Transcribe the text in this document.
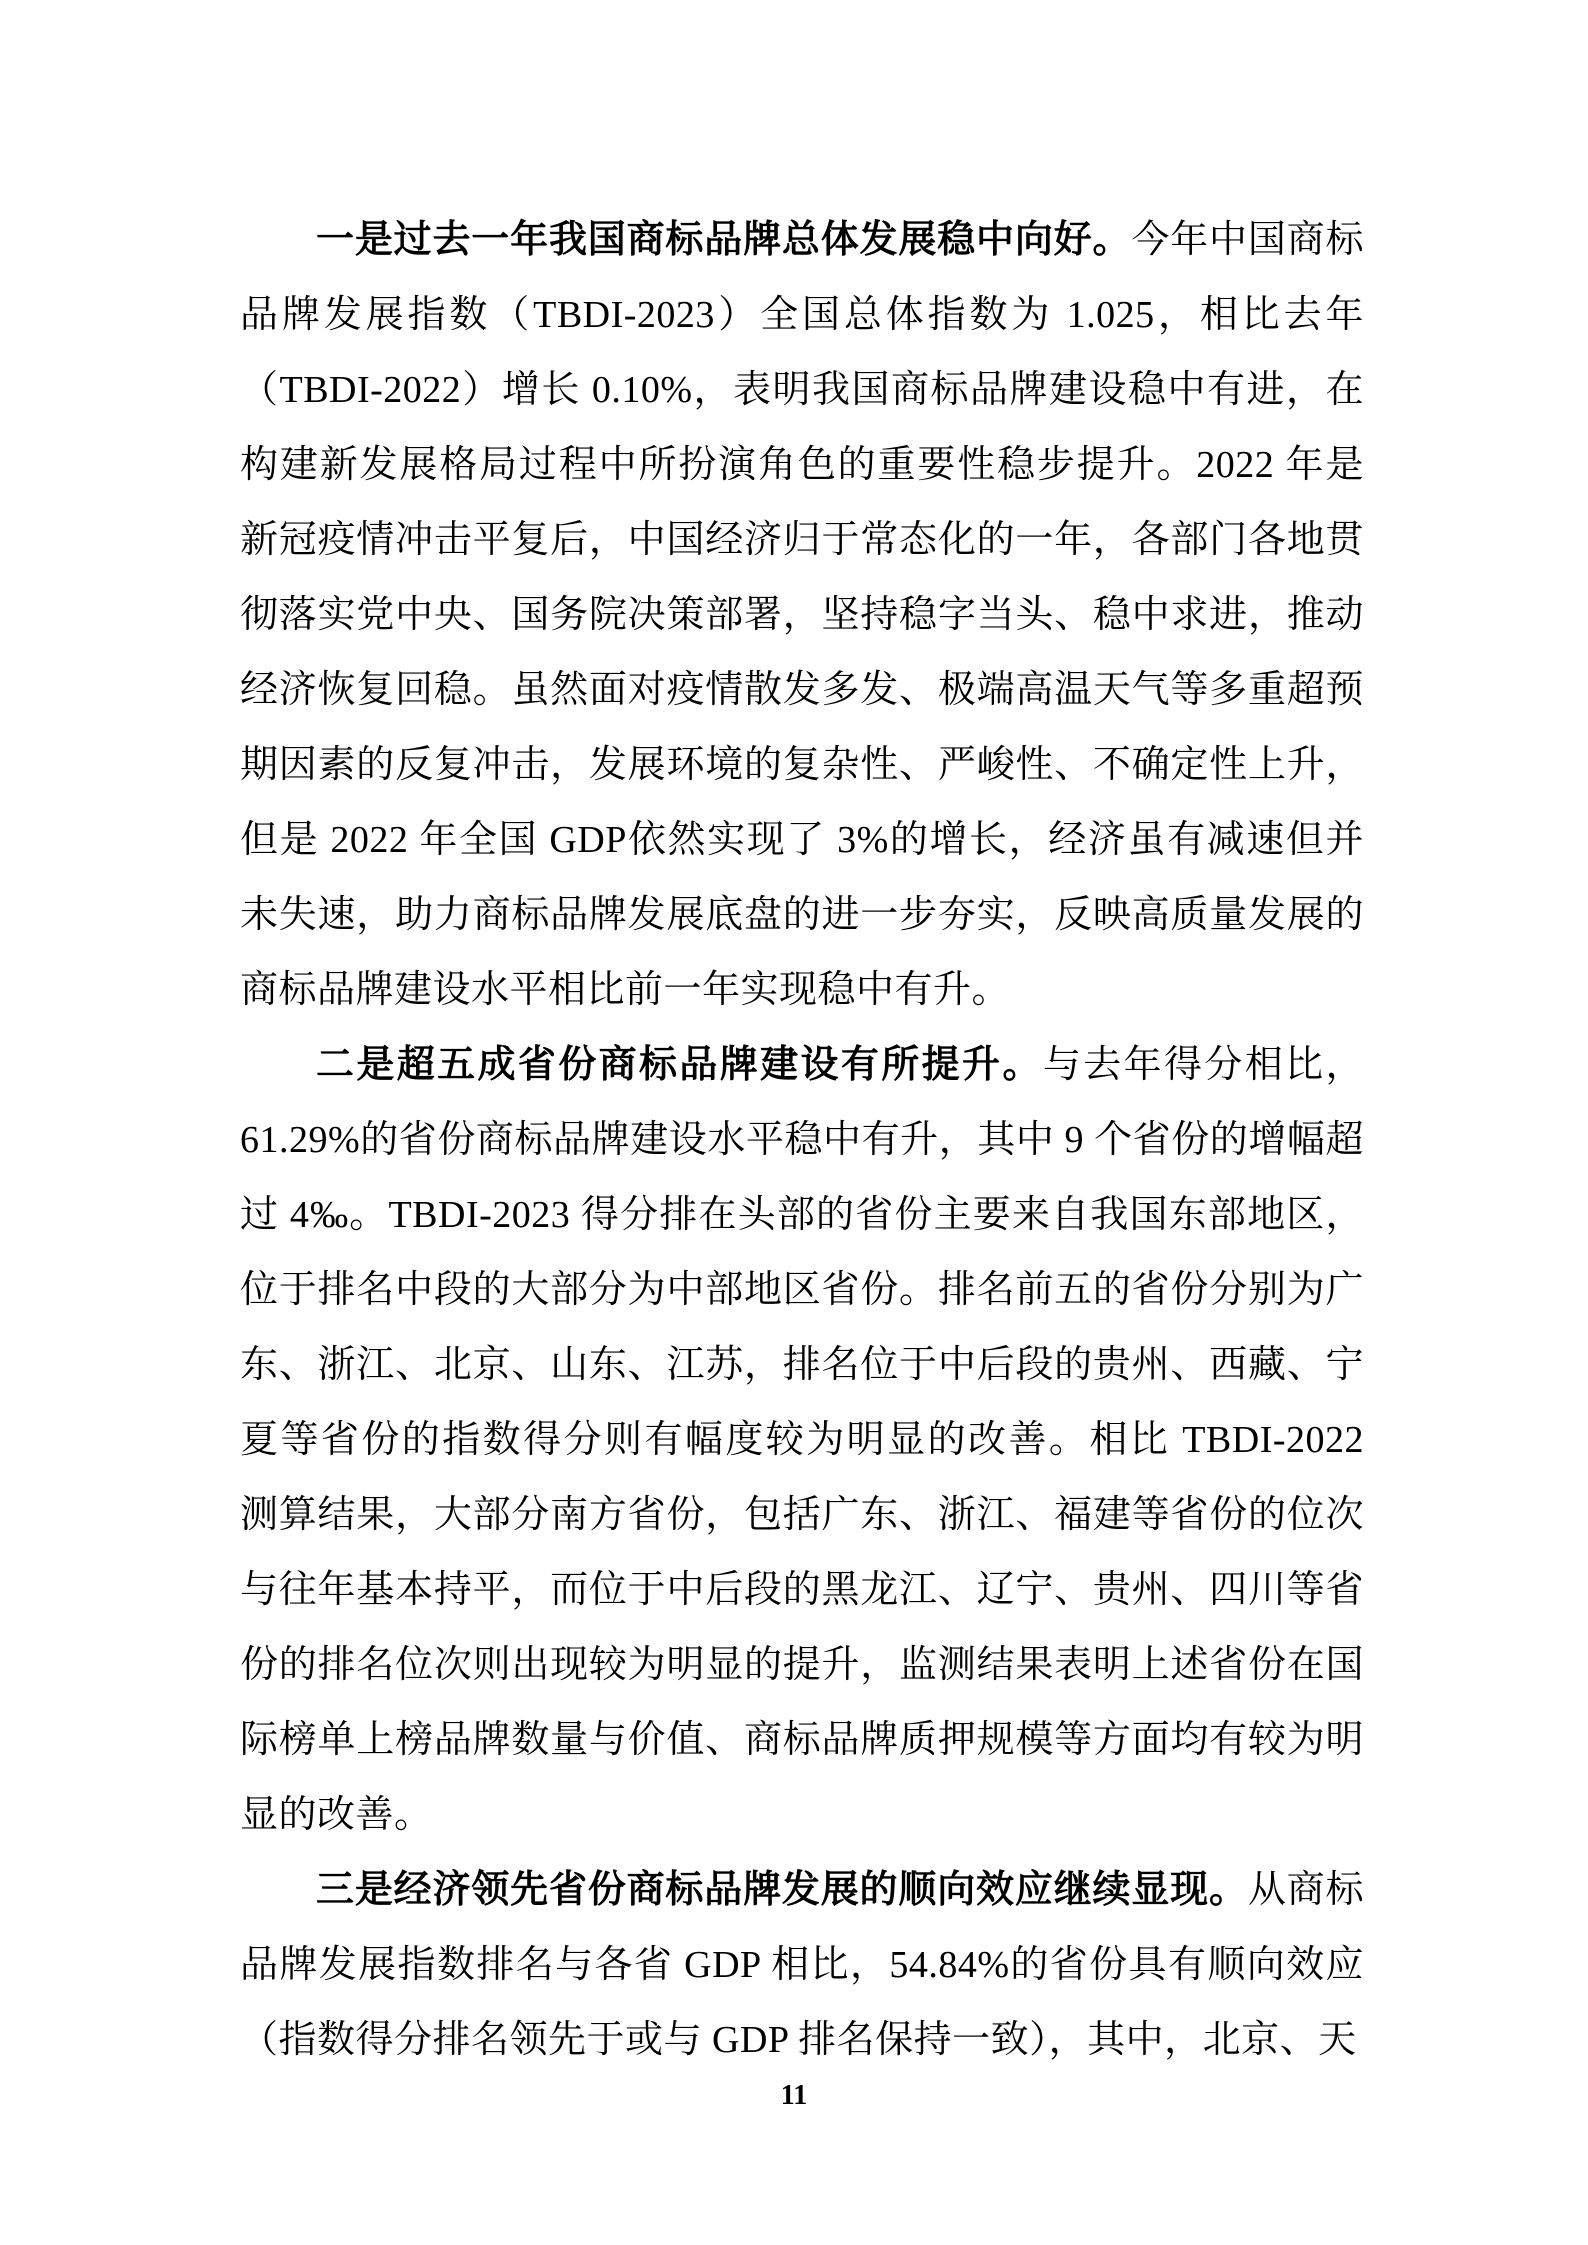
一是过去一年我国商标品牌总体发展稳中向好。今年中国商标品牌发展指数（TBDI-2023）全国总体指数为 1.025，相比去年（TBDI-2022）增长 0.10%，表明我国商标品牌建设稳中有进，在构建新发展格局过程中所扮演角色的重要性稳步提升。2022 年是新冠疫情冲击平复后，中国经济归于常态化的一年，各部门各地贯彻落实党中央、国务院决策部署，坚持稳字当头、稳中求进，推动经济恢复回稳。虽然面对疫情散发多发、极端高温天气等多重超预期因素的反复冲击，发展环境的复杂性、严峻性、不确定性上升，但是 2022 年全国 GDP依然实现了 3%的增长，经济虽有减速但并未失速，助力商标品牌发展底盘的进一步夯实，反映高质量发展的商标品牌建设水平相比前一年实现稳中有升。

二是超五成省份商标品牌建设有所提升。与去年得分相比，61.29%的省份商标品牌建设水平稳中有升，其中 9 个省份的增幅超过 4‰。TBDI-2023 得分排在头部的省份主要来自我国东部地区，位于排名中段的大部分为中部地区省份。排名前五的省份分别为广东、浙江、北京、山东、江苏，排名位于中后段的贵州、西藏、宁夏等省份的指数得分则有幅度较为明显的改善。相比 TBDI-2022 测算结果，大部分南方省份，包括广东、浙江、福建等省份的位次与往年基本持平，而位于中后段的黑龙江、辽宁、贵州、四川等省份的排名位次则出现较为明显的提升，监测结果表明上述省份在国际榜单上榜品牌数量与价值、商标品牌质押规模等方面均有较为明显的改善。

三是经济领先省份商标品牌发展的顺向效应继续显现。从商标品牌发展指数排名与各省 GDP 相比，54.84%的省份具有顺向效应（指数得分排名领先于或与 GDP 排名保持一致），其中，北京、天

11
